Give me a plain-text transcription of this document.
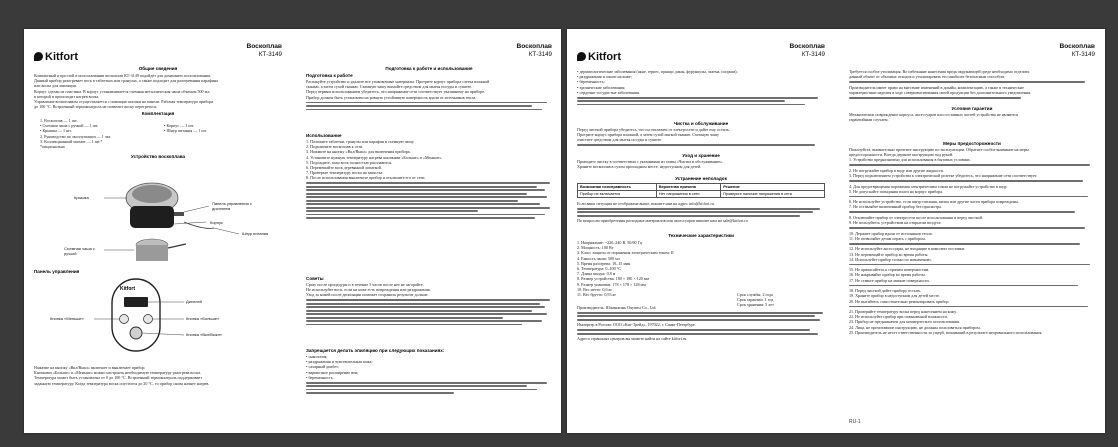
Kitfort
Воскоплав
КТ-3149
Общие сведения
Компактный и простой в использовании воскоплав КТ-3149 подойдёт для домашнего использования.
Данный прибор разогревает воск в таблетках или гранулах, а также подходит для разогревания парафина
или воска для эпиляции.
Корпус сделан из пластика. В корпус устанавливается съемная металлическая чаша объемом 500 мл,
в которой и происходит нагрев воска.
Управление воскоплавом осуществляется с помощью кнопки на панели. Рабочая температура прибора
до 100 °С. Встроенный термоконтроль не позволит воску перегреться.
Комплектация
1. Воскоплав — 1 шт.
• Съемная чаша с ручкой — 1 шт.
• Крышка — 1 шт.
2. Руководство по эксплуатации — 1 экз.
3. Коллекционный магнит — 1 шт.*
*опционально
• Корпус — 1 шт.
• Шнур питания — 1 шт.
Устройство воскоплава
Крышка
Панель управления с дисплеем
Корпус
Съемная чаша с ручкой
Шнур питания
Панель управления
Kitfort
Дисплей
Кнопка «Меньше»	Кнопка «Больше»
Кнопка «Вкл/Выкл»
Нажатие на кнопку «Вкл/Выкл» включает и выключает прибор.
Кнопками «Больше» и «Меньше» можно настроить необходимую температуру разогрева воска.
Температура может быть установлена от 0 до 100 °С. Встроенный термоконтроль поддерживает
заданную температуру. Когда температура воска опустится до 20 °С, то прибор снова начнет нагрев.
Воскоплав
КТ-3149
Подготовка к работе и использование
Подготовка к работе
Распакуйте устройство и удалите все упаковочные материалы. Протрите корпус прибора слегка влажной
тканью, а затем сухой тканью. Съемную чашу вымойте средством для мытья посуды и сушите.
Перед первым использованием убедитесь, что напряжение сети соответствует указанному на приборе.
Прибор должен быть установлен на ровную устойчивую поверхность вдали от источников тепла.
Использование
1. Положите таблетки, гранулы или парафин в съемную чашу.
2. Подключите воскоплав к сети.
3. Нажмите на кнопку «Вкл/Выкл» для включения прибора.
4. Установите нужную температуру нагрева кнопками «Больше» и «Меньше».
5. Подождите, пока воск полностью расплавится.
6. Перемешайте воск деревянной лопаткой.
7. Проверьте температуру воска на запястье.
8. После использования выключите прибор и отключите его от сети.
Советы
Сразу после процедуры и в течение 5 часов после нее не загорайте.
Не используйте воск, если на коже есть повреждения или раздражения.
Уход за кожей после депиляции поможет сохранить результат дольше.
Запрещается делать эпиляцию при следующих показаниях:
• онкология;
• раздражения и чувствительная кожа;
• сахарный диабет;
• варикозное расширение вен;
• беременность.
Kitfort
Воскоплав
КТ-3149
• дерматологические заболевания (акне, герпес, прыщи, раны, фурункулы, экзема, псориаз);
• раздражения и ожоги на коже;
• беременность;
• хронические заболевания;
• сердечно-сосудистые заболевания.
Чистка и обслуживание
Перед чисткой прибора убедитесь, что он отключен от электросети и дайте ему остыть.
Протрите корпус прибора влажной, а затем сухой мягкой тканью. Съемную чашу
очистите средством для мытья посуды и сушите.
Уход и хранение
Проводите чистку в соответствии с указаниями из главы «Чистка и обслуживание».
Храните воскоплав в сухом прохладном месте, недоступном для детей.
Устранение неполадок
Возможная неисправность	Вероятная причина	Решение
Прибор не включается	Нет напряжения в сети	Проверьте наличие напряжения в сети
Если ваша ситуация не отображена выше, пишите нам на адрес info@kitfort.ru.
По вопросам приобретения расходных материалов или аксессуаров пишите нам на sale@kitfort.ru
Технические характеристики
1. Напряжение: ~220–240 В, 50/60 Гц
2. Мощность: 100 Вт
3. Класс защиты от поражения электрическим током: II
4. Емкость чаши: 500 мл
5. Время разогрева: 10–15 мин
6. Температура: 0–100 °С
7. Длина шнура: 0,8 м
8. Размер устройства: 180 × 180 × 120 мм
9. Размер упаковки: 178 × 178 × 128 мм
10. Вес нетто: 0,6 кг
11. Вес брутто: 0,93 кг	Срок службы: 2 года
Срок гарантии: 1 год
Срок хранения: 5 лет
Производитель: Шэньчжэнь Ouyunsi Co., Ltd.
Импортер в России: ООО «Кит-Трейд», 197022, г. Санкт-Петербург.
Адреса сервисных центров вы можете найти на сайте kitfort.ru.
Воскоплав
КТ-3149
Требуется особое утилизация. Во избежание нанесения вреда окружающей среде необходимо отделить
данный объект от обычных отходов и утилизировать его наиболее безопасным способом.
Производитель имеет право на внесение изменений в дизайн, комплектацию, а также в технические
характеристики изделия в ходе совершенствования своей продукции без дополнительного уведомления.
Условия гарантии
Механические повреждение корпуса, аксессуаров или составных частей устройства не являются
гарантийным случаем.
Меры предосторожности
Пожалуйста, внимательно прочтите инструкцию по эксплуатации. Обратите особое внимание на меры
предосторожности. Всегда держите инструкцию под рукой.
1. Устройство предназначено для использования в бытовых условиях.
2. Не погружайте прибор в воду или другие жидкости.
3. Перед подключением устройства к электрической розетке убедитесь, что напряжение сети соответствует.
4. Для предотвращения поражения электрическим током не погружайте устройство в воду.
5. Не допускайте попадания влаги на корпус прибора.
6. Не используйте устройство, если шнур питания, вилка или другие части прибора повреждены.
7. Не оставляйте включенный прибор без присмотра.
8. Отключайте прибор от электросети после использования и перед чисткой.
9. Не пользуйтесь устройством на открытом воздухе.
10. Держите прибор вдали от источников тепла.
11. Не позволяйте детям играть с прибором.
12. Не используйте аксессуары, не входящие в комплект поставки.
13. Не перемещайте прибор во время работы.
14. Используйте прибор только по назначению.
15. Не прикасайтесь к горячим поверхностям.
16. Не накрывайте прибор во время работы.
17. Не ставьте прибор на мягкие поверхности.
18. Перед чисткой дайте прибору остыть.
19. Храните прибор в недоступном для детей месте.
20. Не пытайтесь самостоятельно ремонтировать прибор.
21. Проверяйте температуру воска перед нанесением на кожу.
22. Не используйте прибор при повышенной влажности.
23. Прибор не предназначен для коммерческого использования.
24. Лица, не прочитавшие инструкцию, не должны пользоваться прибором.
25. Производитель не несет ответственности за ущерб, возникший в результате неправильного использования.
RU-1
